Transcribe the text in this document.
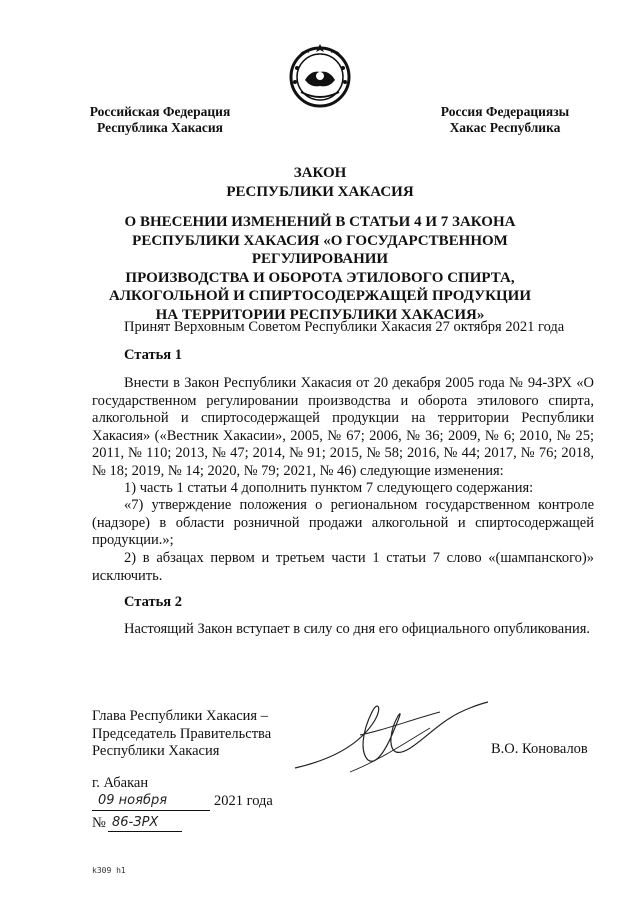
Российская Федерация
Республика Хакасия
Россия Федерациязы
Хакас Республика
ЗАКОН
РЕСПУБЛИКИ ХАКАСИЯ
О ВНЕСЕНИИ ИЗМЕНЕНИЙ В СТАТЬИ 4 И 7 ЗАКОНА
РЕСПУБЛИКИ ХАКАСИЯ «О ГОСУДАРСТВЕННОМ РЕГУЛИРОВАНИИ
ПРОИЗВОДСТВА И ОБОРОТА ЭТИЛОВОГО СПИРТА,
АЛКОГОЛЬНОЙ И СПИРТОСОДЕРЖАЩЕЙ ПРОДУКЦИИ
НА ТЕРРИТОРИИ РЕСПУБЛИКИ ХАКАСИЯ»
Принят Верховным Советом Республики Хакасия 27 октября 2021 года
Статья 1
Внести в Закон Республики Хакасия от 20 декабря 2005 года № 94-ЗРХ «О государственном регулировании производства и оборота этилового спирта, алкогольной и спиртосодержащей продукции на территории Республики Хакасия» («Вестник Хакасии», 2005, № 67; 2006, № 36; 2009, № 6; 2010, № 25; 2011, № 110; 2013, № 47; 2014, № 91; 2015, № 58; 2016, № 44; 2017, № 76; 2018, № 18; 2019, № 14; 2020, № 79; 2021, № 46) следующие изменения:
1) часть 1 статьи 4 дополнить пунктом 7 следующего содержания:
«7) утверждение положения о региональном государственном контроле (надзоре) в области розничной продажи алкогольной и спиртосодержащей продукции.»;
2) в абзацах первом и третьем части 1 статьи 7 слово «(шампанского)» исключить.
Статья 2
Настоящий Закон вступает в силу со дня его официального опубликования.
Глава Республики Хакасия –
Председатель Правительства
Республики Хакасия	В.О. Коновалов
г. Абакан
09 ноября	2021 года
№ 86-ЗРХ
k309 h1
